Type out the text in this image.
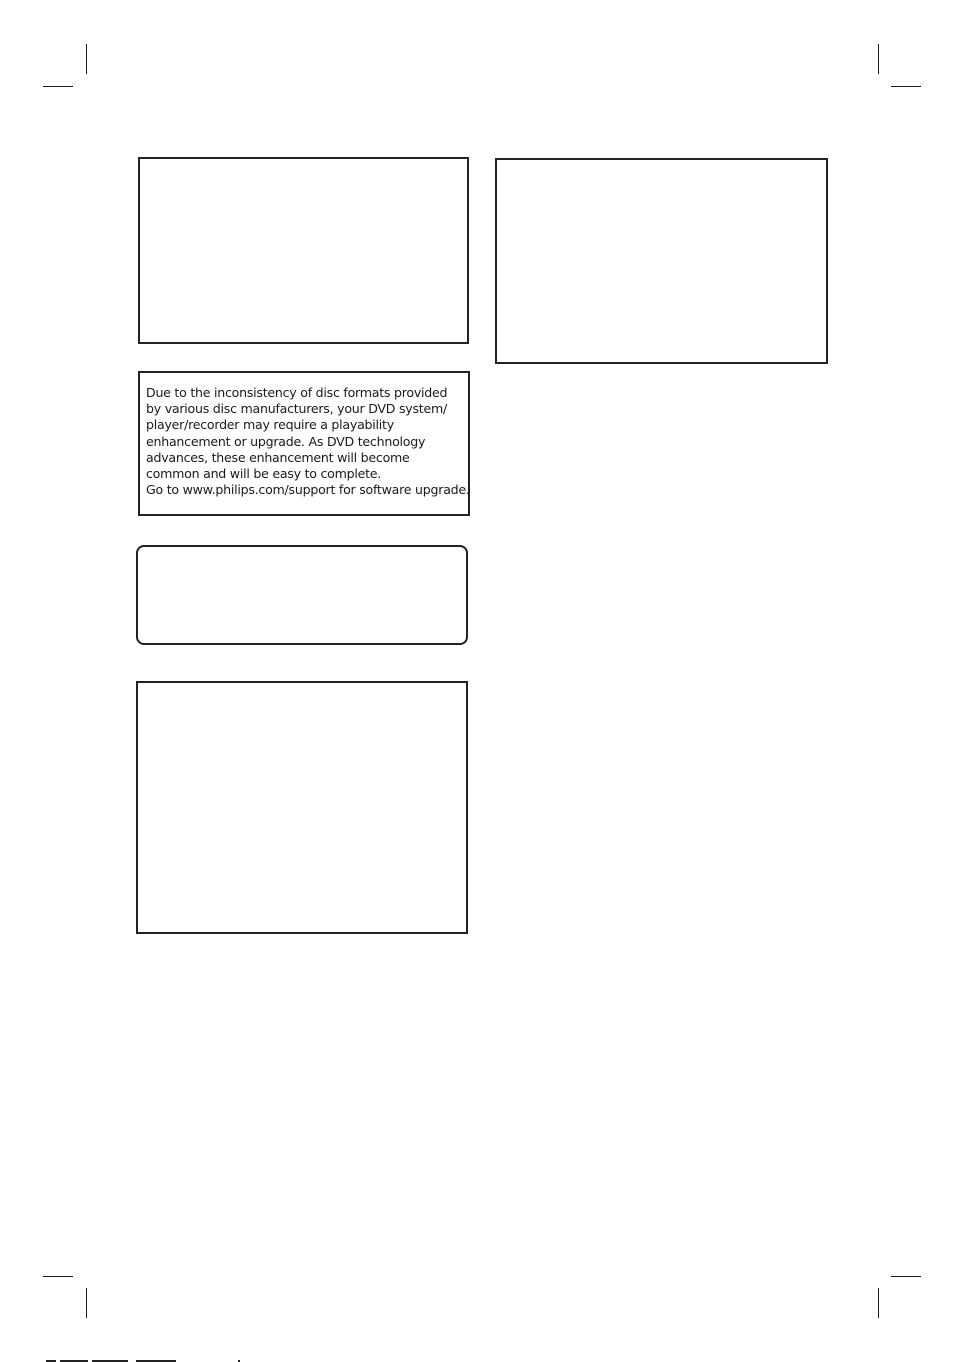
Due to the inconsistency of disc formats provided
by various disc manufacturers, your DVD system/
player/recorder may require a playability
enhancement or upgrade. As DVD technology
advances, these enhancement will become
common and will be easy to complete.
Go to www.philips.com/support for software upgrade.
